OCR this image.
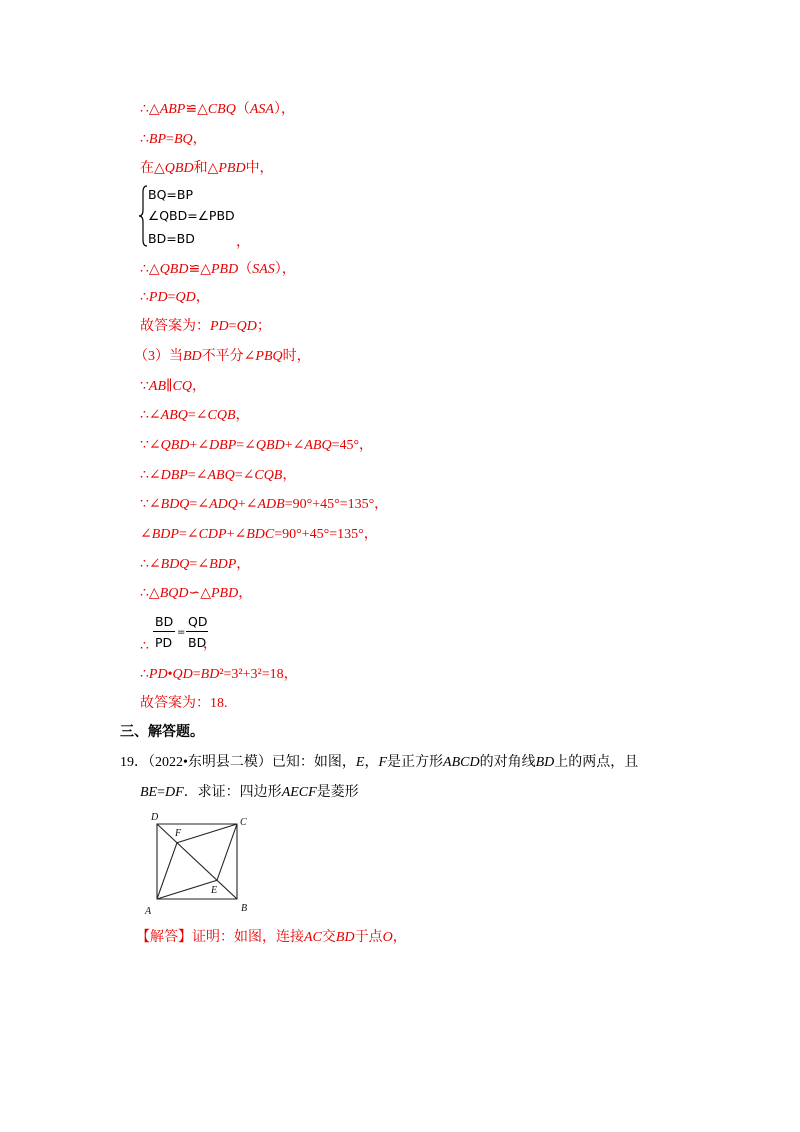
∴△ABP≌△CBQ（ASA），
∴BP=BQ，
在△QBD和△PBD中，
BQ=BP
∠QBD=∠PBD
BD=BD	，
∴△QBD≌△PBD（SAS），
∴PD=QD，
故答案为：PD=QD；
（3）当BD不平分∠PBQ时，
∵AB∥CQ，
∴∠ABQ=∠CQB，
∵∠QBD+∠DBP=∠QBD+∠ABQ=45°，
∴∠DBP=∠ABQ=∠CQB，
∵∠BDQ=∠ADQ+∠ADB=90°+45°=135°，
∠BDP=∠CDP+∠BDC=90°+45°=135°，
∴∠BDQ=∠BDP，
∴△BQD∽△PBD，
∴
BD
PD
=
QD
BD
，
∴PD•QD=BD²=3²+3²=18，
故答案为：18.
三、解答题。
19．（2022•东明县二模）已知：如图，E，F是正方形ABCD的对角线BD上的两点，且
BE=DF．求证：四边形AECF是菱形
D	C
A	B
F
E
【解答】证明：如图，连接AC交BD于点O，
